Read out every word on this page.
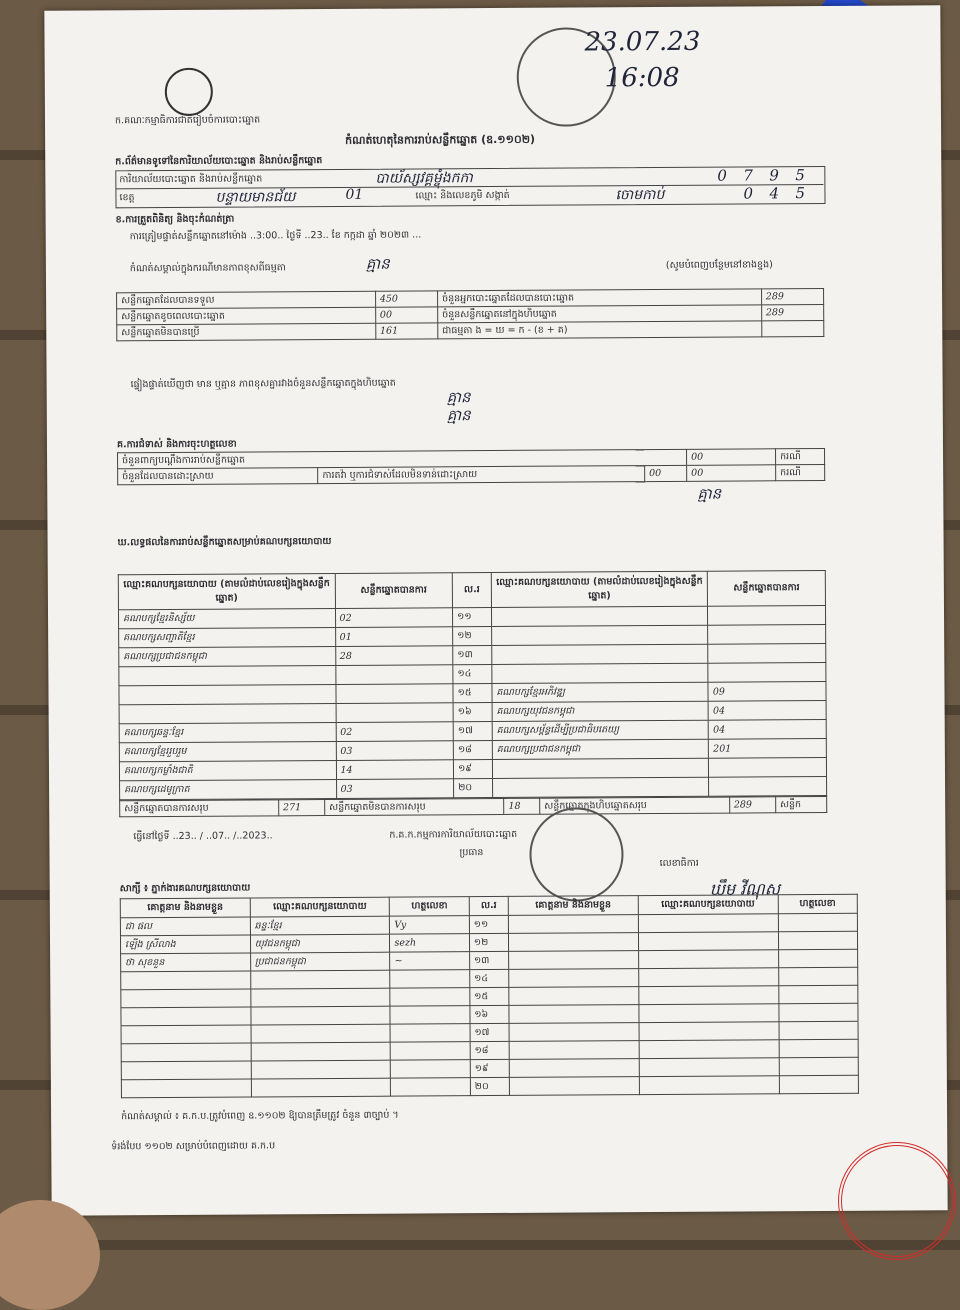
ក.គណៈកម្មាធិការជាតិរៀបចំការបោះឆ្នោត
23.07.23
16:08
កំណត់ហេតុនៃការរាប់សន្លឹកឆ្នោត (ឧ.១១០២)
ក.ព័ត៌មានទូទៅនៃការិយាល័យបោះឆ្នោត និងរាប់សន្លឹកឆ្នោត
ការិយាល័យបោះឆ្នោត និងរាប់សន្លឹកឆ្នោត	បាយ័ស្សវគ្គម្ចុំងកកា	0 7 9 5
ខេត្ត	បន្ទាយមានជ័យ	01	ឈ្មោះ និងលេខភូមិ សង្កាត់	ចោមកាប់	0 4 5
ខ.ការត្រួតពិនិត្យ និងចុះកំណត់ត្រា
ការត្រៀមផ្ទាត់សន្លឹកឆ្នោតនៅម៉ោង ..3:00.. ថ្ងៃទី ..23.. ខែ កក្កដា ឆ្នាំ ២០២៣ ...
កំណត់សម្គាល់ក្នុងករណីមានភាពខុសពីធម្មតា	គ្មាន	(សូមបំពេញបន្ថែមនៅខាងខ្នង)
សន្លឹកឆ្នោតដែលបានទទួល	450	ចំនួនអ្នកបោះឆ្នោតដែលបានបោះឆ្នោត	289
សន្លឹកឆ្នោតខូចពេលបោះឆ្នោត	00	ចំនួនសន្លឹកឆ្នោតនៅក្នុងហិបឆ្នោត	289
សន្លឹកឆ្នោតមិនបានប្រើ	161	ជាធម្មតា ង = ឃ = ក - (ខ + គ)	
ផ្ទៀងផ្ទាត់ឃើញថា មាន ឬគ្មាន ភាពខុសគ្នារវាងចំនួនសន្លឹកឆ្នោតក្នុងហិបឆ្នោត
គ្មាន
គ្មាន
គ.ការជំទាស់ និងការចុះហត្ថលេខា
ចំនួនពាក្យបណ្ដឹងការរាប់សន្លឹកឆ្នោត			00	ករណី
ចំនួនដែលបានដោះស្រាយ	ការតវ៉ា ឬការជំទាស់ដែលមិនទាន់ដោះស្រាយ	00	00	ករណី
គ្មាន
ឃ.លទ្ធផលនៃការរាប់សន្លឹកឆ្នោតសម្រាប់គណបក្សនយោបាយ
ឈ្មោះគណបក្សនយោបាយ (តាមលំដាប់លេខរៀងក្នុងសន្លឹកឆ្នោត)	សន្លឹកឆ្នោតបានការ	ល.រ	ឈ្មោះគណបក្សនយោបាយ (តាមលំដាប់លេខរៀងក្នុងសន្លឹកឆ្នោត)	សន្លឹកឆ្នោតបានការ
គណបក្សខ្មែរនិស្ស័យ	02	១១		
គណបក្សសញ្ជាតិខ្មែរ	01	១២		
គណបក្សប្រជាជនកម្ពុជា	28	១៣		
		១៤		
		១៥	គណបក្សខ្មែរអភិវឌ្ឍ	09
		១៦	គណបក្សយុវជនកម្ពុជា	04
គណបក្សឆន្ទៈខ្មែរ	02	១៧	គណបក្សសម្ព័ន្ធដើម្បីប្រជាធិបតេយ្យ	04
គណបក្សខ្មែររួបរួម	03	១៨	គណបក្សប្រជាជនកម្ពុជា	201
គណបក្សកម្លាំងជាតិ	14	១៩		
គណបក្សដេមូក្រាត	03	២០		
សន្លឹកឆ្នោតបានការសរុប	271	សន្លឹកឆ្នោតមិនបានការសរុប	18	សន្លឹកឆ្នោតក្នុងហិបឆ្នោតសរុប	289	សន្លឹក
ធ្វើនៅថ្ងៃទី ..23.. / ..07.. /..2023..	ក.គ.ក.កម្មការការិយាល័យបោះឆ្នោត
ប្រធាន
លេខាធិការ
ឃឹម វីណុស
សាក្សី ៖ ភ្នាក់ងារគណបក្សនយោបាយ
គោត្តនាម និងនាមខ្លួន	ឈ្មោះគណបក្សនយោបាយ	ហត្ថលេខា	ល.រ	គោត្តនាម និងនាមខ្លួន	ឈ្មោះគណបក្សនយោបាយ	ហត្ថលេខា
ជា ផល	ឆន្ទៈខ្មែរ	Vy	១១			
ឡើង ស្រីលាង	យុវជនកម្ពុជា	sezh	១២			
ថា សុខនួន	ប្រជាជនកម្ពុជា	~	១៣			
			១៤			
			១៥			
			១៦			
			១៧			
			១៨			
			១៩			
			២០			
កំណត់សម្គាល់ ៖ គ.ក.ប.ត្រូវបំពេញ ឧ.១១០២ ឱ្យបានត្រឹមត្រូវ ចំនួន ៣ច្បាប់ ។
ទំរង់បែប ១១០២ សម្រាប់បំពេញដោយ គ.ក.ប
